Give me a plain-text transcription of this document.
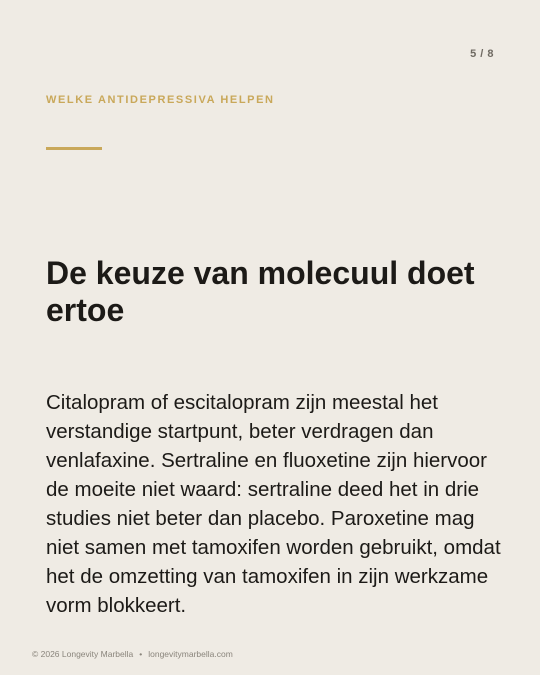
5 / 8
WELKE ANTIDEPRESSIVA HELPEN
De keuze van molecuul doet ertoe

Citalopram of escitalopram zijn meestal het verstandige startpunt, beter verdragen dan venlafaxine. Sertraline en fluoxetine zijn hiervoor de moeite niet waard: sertraline deed het in drie studies niet beter dan placebo. Paroxetine mag niet samen met tamoxifen worden gebruikt, omdat het de omzetting van tamoxifen in zijn werkzame vorm blokkeert.

© 2026 Longevity Marbella • longevitymarbella.com
